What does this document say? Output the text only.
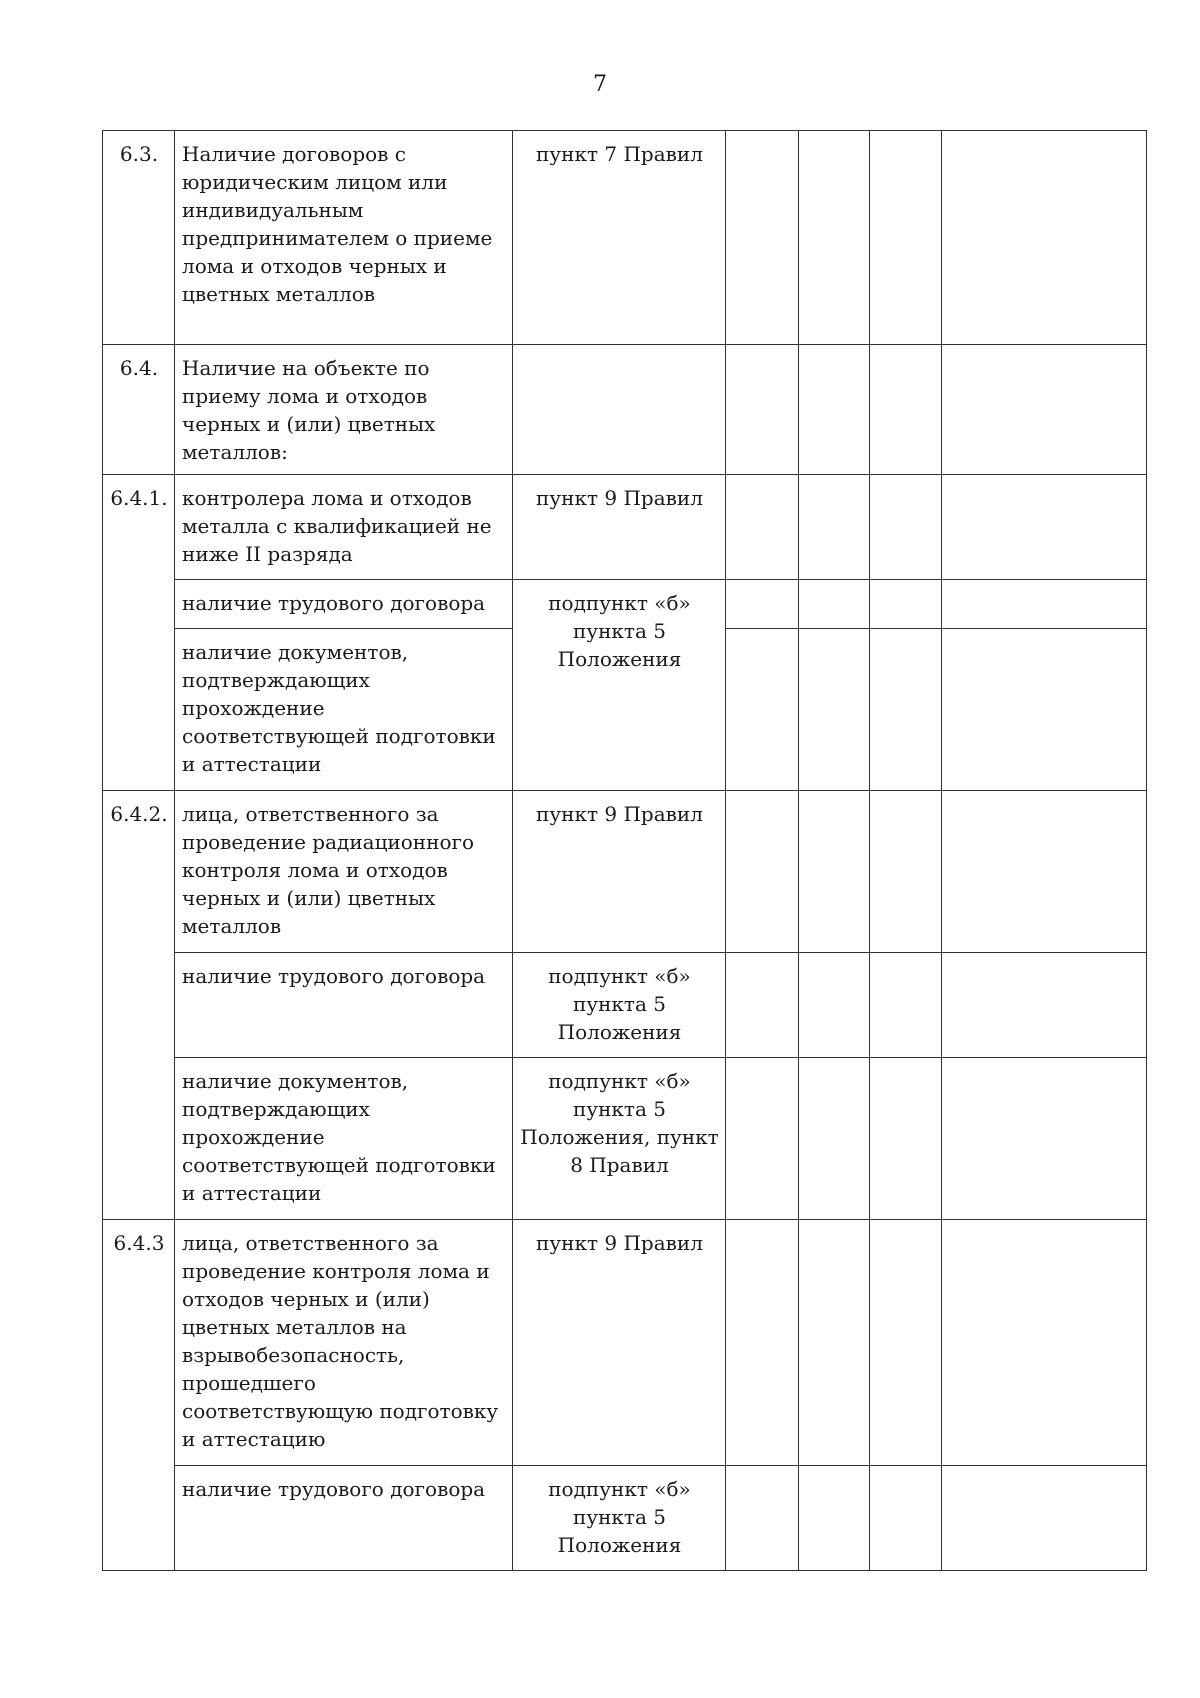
7
6.3.	Наличие договоров с юридическим лицом или индивидуальным предпринимателем о приеме лома и отходов черных и цветных металлов	пункт 7 Правил				
6.4.	Наличие на объекте по приему лома и отходов черных и (или) цветных металлов:					
6.4.1.	контролера лома и отходов металла с квалификацией не ниже II разряда	пункт 9 Правил				
	наличие трудового договора	подпункт «б» пункта 5 Положения				
	наличие документов, подтверждающих прохождение соответствующей подготовки и аттестации					
6.4.2.	лица, ответственного за проведение радиационного контроля лома и отходов черных и (или) цветных металлов	пункт 9 Правил				
	наличие трудового договора	подпункт «б» пункта 5 Положения				
	наличие документов, подтверждающих прохождение соответствующей подготовки и аттестации	подпункт «б» пункта 5 Положения, пункт 8 Правил				
6.4.3	лица, ответственного за проведение контроля лома и отходов черных и (или) цветных металлов на взрывобезопасность, прошедшего соответствующую подготовку и аттестацию	пункт 9 Правил				
	наличие трудового договора	подпункт «б» пункта 5 Положения				
